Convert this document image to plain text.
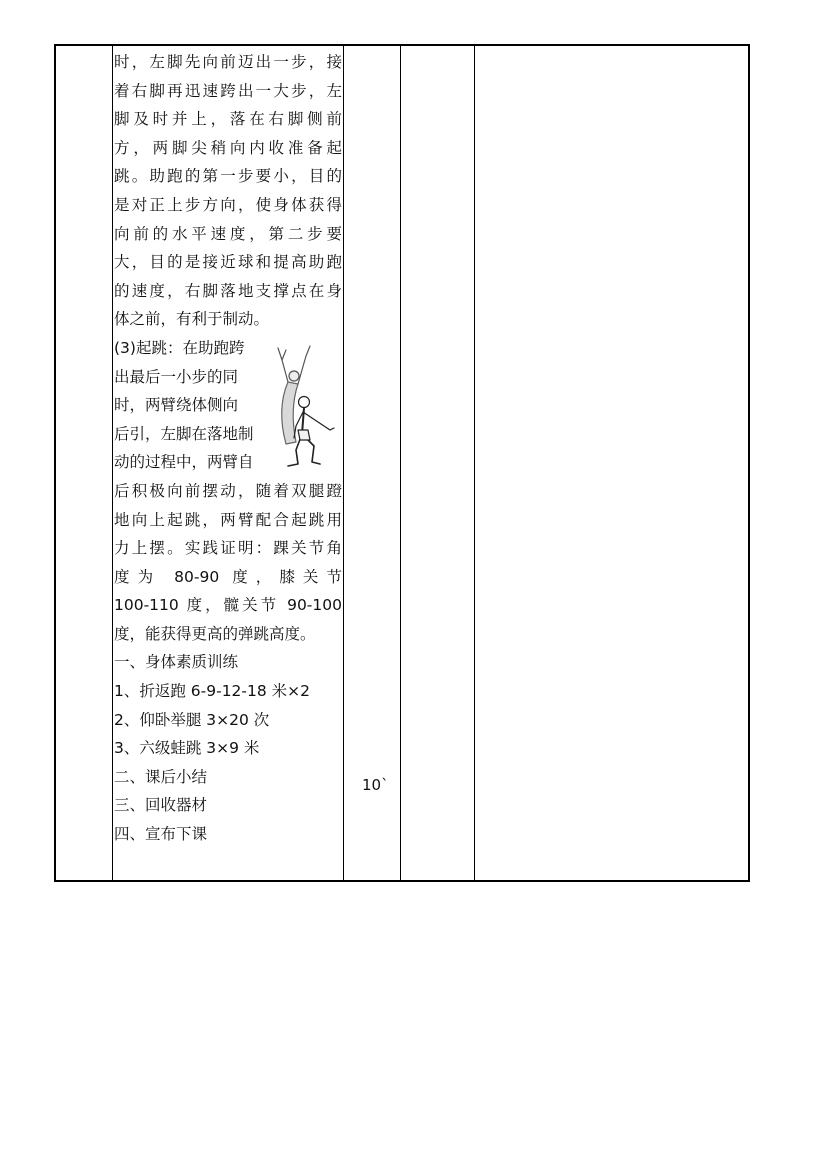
时，左脚先向前迈出一步，接
着右脚再迅速跨出一大步，左
脚及时并上，落在右脚侧前
方，两脚尖稍向内收准备起
跳。助跑的第一步要小，目的
是对正上步方向，使身体获得
向前的水平速度，第二步要
大，目的是接近球和提高助跑
的速度，右脚落地支撑点在身
体之前，有利于制动。
(3)起跳：在助跑跨
出最后一小步的同
时，两臂绕体侧向
后引，左脚在落地制
动的过程中，两臂自
后积极向前摆动，随着双腿蹬
地向上起跳，两臂配合起跳用
力上摆。实践证明：踝关节角
度为 80-90 度，膝关节
100-110 度，髋关节 90-100
度，能获得更高的弹跳高度。
一、身体素质训练
1、折返跑 6-9-12-18 米×2
2、仰卧举腿 3×20 次
3、六级蛙跳 3×9 米
二、课后小结
三、回收器材
四、宣布下课
10`
